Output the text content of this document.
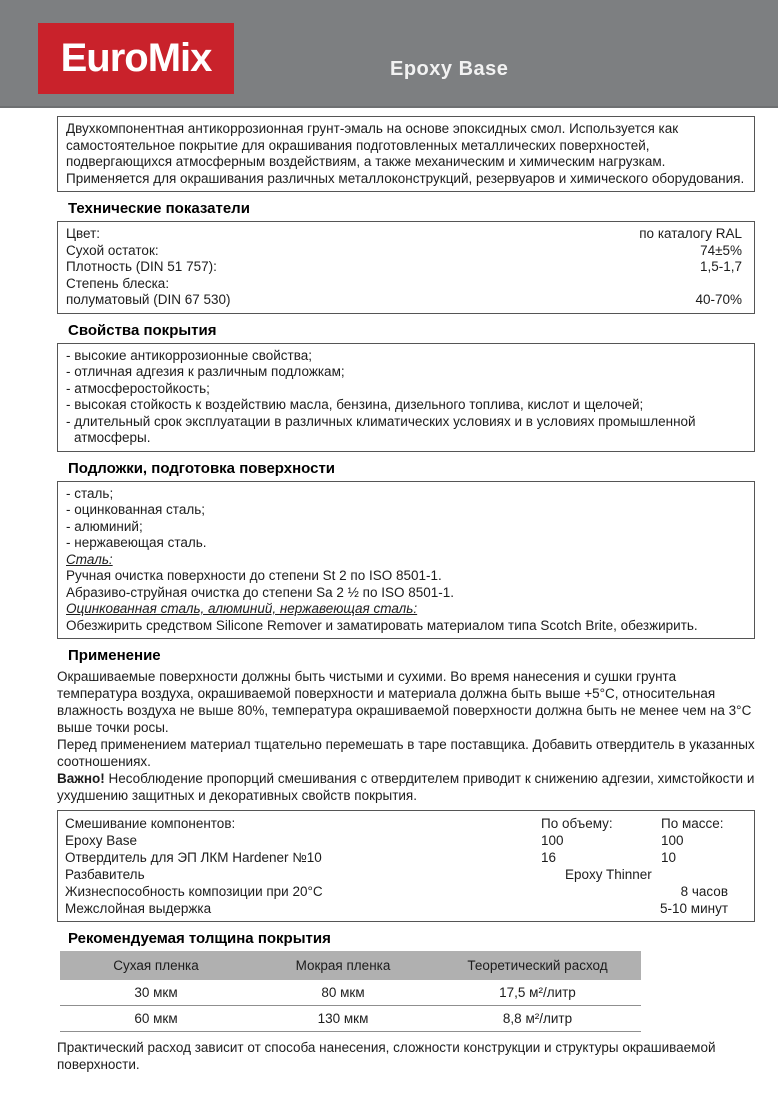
EuroMix	Epoxy Base

Двухкомпонентная антикоррозионная грунт-эмаль на основе эпоксидных смол. Используется как самостоятельное покрытие для окрашивания подготовленных металлических поверхностей, подвергающихся атмосферным воздействиям, а также механическим и химическим нагрузкам. Применяется для окрашивания различных металлоконструкций, резервуаров и химического оборудования.

Технические показатели
Цвет:	по каталогу RAL
Сухой остаток:	74±5%
Плотность (DIN 51 757):	1,5-1,7
Степень блеска:
полуматовый (DIN 67 530)	40-70%
Свойства покрытия
- высокие антикоррозионные свойства;
- отличная адгезия к различным подложкам;
- атмосферостойкость;
- высокая стойкость к воздействию масла, бензина, дизельного топлива, кислот и щелочей;
- длительный срок эксплуатации в различных климатических условиях и в условиях промышленной атмосферы.
Подложки, подготовка поверхности
- сталь;
- оцинкованная сталь;
- алюминий;
- нержавеющая сталь.
Сталь:
Ручная очистка поверхности до степени St 2 по ISO 8501-1.
Абразиво-струйная очистка до степени Sa 2 ½ по ISO 8501-1.
Оцинкованная сталь, алюминий, нержавеющая сталь:
Обезжирить средством Silicone Remover и заматировать материалом типа Scotch Brite, обезжирить.
Применение

Окрашиваемые поверхности должны быть чистыми и сухими. Во время нанесения и сушки грунта температура воздуха, окрашиваемой поверхности и материала должна быть выше +5°С, относительная влажность воздуха не выше 80%, температура окрашиваемой поверхности должна быть не менее чем на 3°С выше точки росы.

Перед применением материал тщательно перемешать в таре поставщика. Добавить отвердитель в указанных соотношениях.

Важно! Несоблюдение пропорций смешивания с отвердителем приводит к снижению адгезии, химстойкости и ухудшению защитных и декоративных свойств покрытия.

Смешивание компонентов:	По объему:	По массе:
Epoxy Base	100	100
Отвердитель для ЭП ЛКМ Hardener №10	16	10
Разбавитель	Epoxy Thinner
Жизнеспособность композиции при 20°С	8 часов
Межслойная выдержка	5-10 минут
Рекомендуемая толщина покрытия
Сухая пленка	Мокрая пленка	Теоретический расход
30 мкм	80 мкм	17,5 м²/литр
60 мкм	130 мкм	8,8 м²/литр

Практический расход зависит от способа нанесения, сложности конструкции и структуры окрашиваемой поверхности.
